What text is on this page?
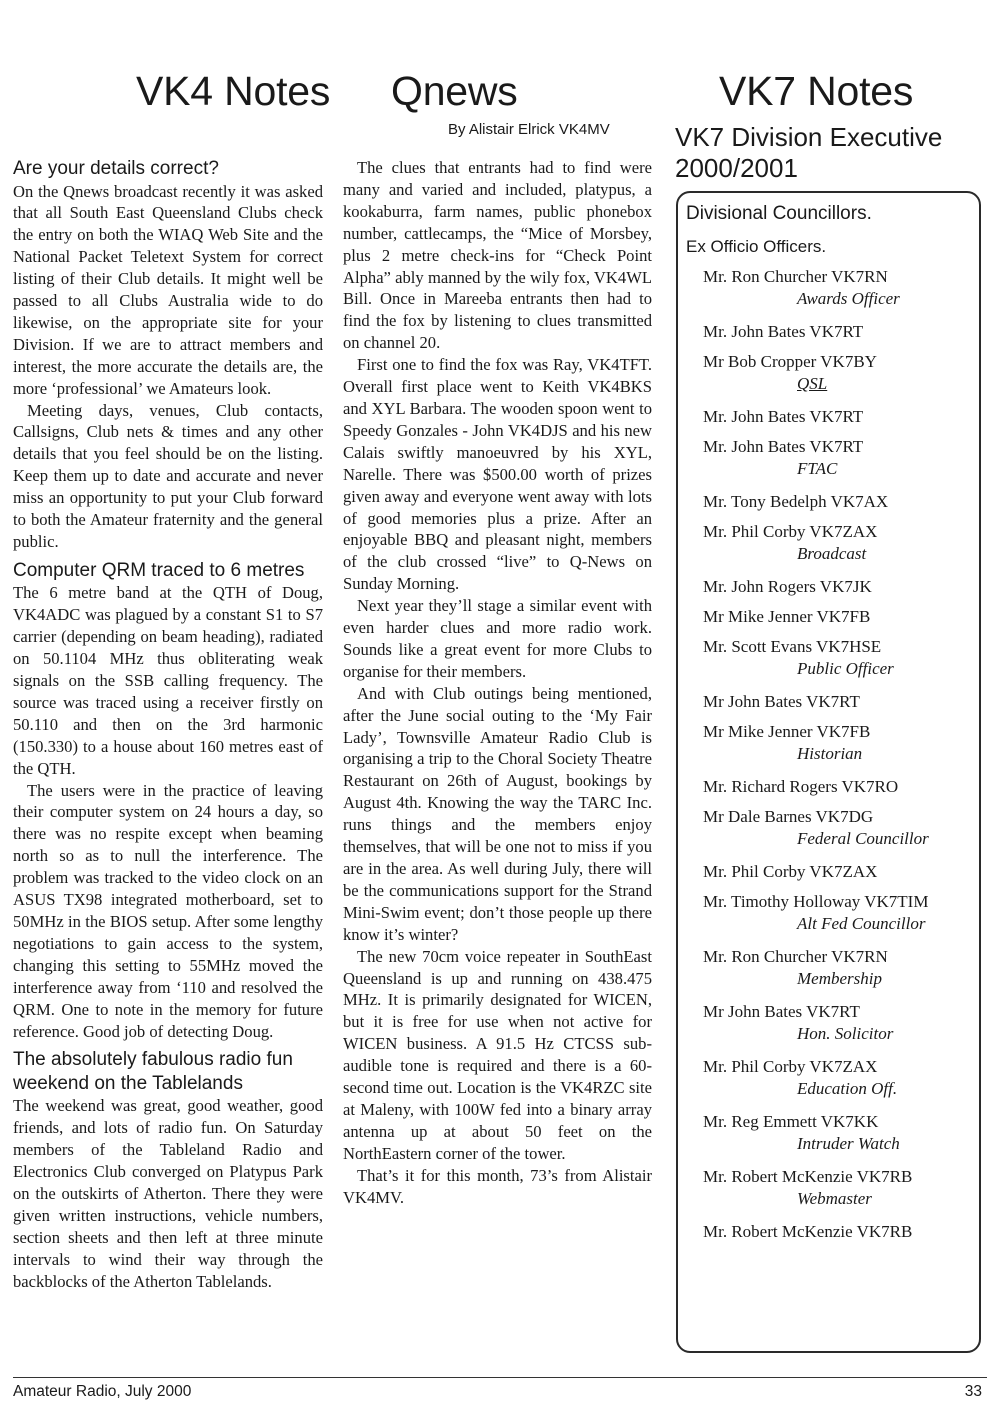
VK4 Notes Qnews	VK7 Notes

By Alistair Elrick VK4MV

Are your details correct?

On the Qnews broadcast recently it was asked that all South East Queensland Clubs check the entry on both the WIAQ Web Site and the National Packet Teletext System for correct listing of their Club details. It might well be passed to all Clubs Australia wide to do likewise, on the appropriate site for your Division. If we are to attract members and interest, the more accurate the details are, the more ‘professional’ we Amateurs look.

Meeting days, venues, Club contacts, Callsigns, Club nets & times and any other details that you feel should be on the listing. Keep them up to date and accurate and never miss an opportunity to put your Club forward to both the Amateur fraternity and the general public.

Computer QRM traced to 6 metres

The 6 metre band at the QTH of Doug, VK4ADC was plagued by a constant S1 to S7 carrier (depending on beam heading), radiated on 50.1104 MHz thus obliterating weak signals on the SSB calling frequency. The source was traced using a receiver firstly on 50.110 and then on the 3rd harmonic (150.330) to a house about 160 metres east of the QTH.

The users were in the practice of leaving their computer system on 24 hours a day, so there was no respite except when beaming north so as to null the interference. The problem was tracked to the video clock on an ASUS TX98 integrated motherboard, set to 50MHz in the BIOS setup. After some lengthy negotiations to gain access to the system, changing this setting to 55MHz moved the interference away from ‘110 and resolved the QRM. One to note in the memory for future reference. Good job of detecting Doug.

The absolutely fabulous radio fun weekend on the Tablelands

The weekend was great, good weather, good friends, and lots of radio fun. On Saturday members of the Tableland Radio and Electronics Club converged on Platypus Park on the outskirts of Atherton. There they were given written instructions, vehicle numbers, section sheets and then left at three minute intervals to wind their way through the backblocks of the Atherton Tablelands.

The clues that entrants had to find were many and varied and included, platypus, a kookaburra, farm names, public phonebox number, cattlecamps, the “Mice of Morsbey, plus 2 metre check-ins for “Check Point Alpha” ably manned by the wily fox, VK4WL Bill. Once in Mareeba entrants then had to find the fox by listening to clues transmitted on channel 20.

First one to find the fox was Ray, VK4TFT. Overall first place went to Keith VK4BKS and XYL Barbara. The wooden spoon went to Speedy Gonzales - John VK4DJS and his new Calais swiftly manoeuvred by his XYL, Narelle. There was $500.00 worth of prizes given away and everyone went away with lots of good memories plus a prize. After an enjoyable BBQ and pleasant night, members of the club crossed “live” to Q-News on Sunday Morning.

Next year they’ll stage a similar event with even harder clues and more radio work. Sounds like a great event for more Clubs to organise for their members.

And with Club outings being mentioned, after the June social outing to the ‘My Fair Lady’, Townsville Amateur Radio Club is organising a trip to the Choral Society Theatre Restaurant on 26th of August, bookings by August 4th. Knowing the way the TARC Inc. runs things and the members enjoy themselves, that will be one not to miss if you are in the area. As well during July, there will be the communications support for the Strand Mini-Swim event; don’t those people up there know it’s winter?

The new 70cm voice repeater in SouthEast Queensland is up and running on 438.475 MHz. It is primarily designated for WICEN, but it is free for use when not active for WICEN business. A 91.5 Hz CTCSS sub-audible tone is required and there is a 60-second time out. Location is the VK4RZC site at Maleny, with 100W fed into a binary array antenna up at about 50 feet on the NorthEastern corner of the tower.

That’s it for this month, 73’s from Alistair VK4MV.

VK7 Division Executive 2000/2001
Divisional Councillors.
Ex Officio Officers.
Mr. Ron Churcher VK7RN
Awards Officer
Mr. John Bates VK7RT
Mr Bob Cropper VK7BY
QSL
Mr. John Bates VK7RT
Mr. John Bates VK7RT
FTAC
Mr. Tony Bedelph VK7AX
Mr. Phil Corby VK7ZAX
Broadcast
Mr. John Rogers VK7JK
Mr Mike Jenner VK7FB
Mr. Scott Evans VK7HSE
Public Officer
Mr John Bates VK7RT
Mr Mike Jenner VK7FB
Historian
Mr. Richard Rogers VK7RO
Mr Dale Barnes VK7DG
Federal Councillor
Mr. Phil Corby VK7ZAX
Mr. Timothy Holloway VK7TIM
Alt Fed Councillor
Mr. Ron Churcher VK7RN
Membership
Mr John Bates VK7RT
Hon. Solicitor
Mr. Phil Corby VK7ZAX
Education Off.
Mr. Reg Emmett VK7KK
Intruder Watch
Mr. Robert McKenzie VK7RB
Webmaster
Mr. Robert McKenzie VK7RB
Amateur Radio, July 2000	33
